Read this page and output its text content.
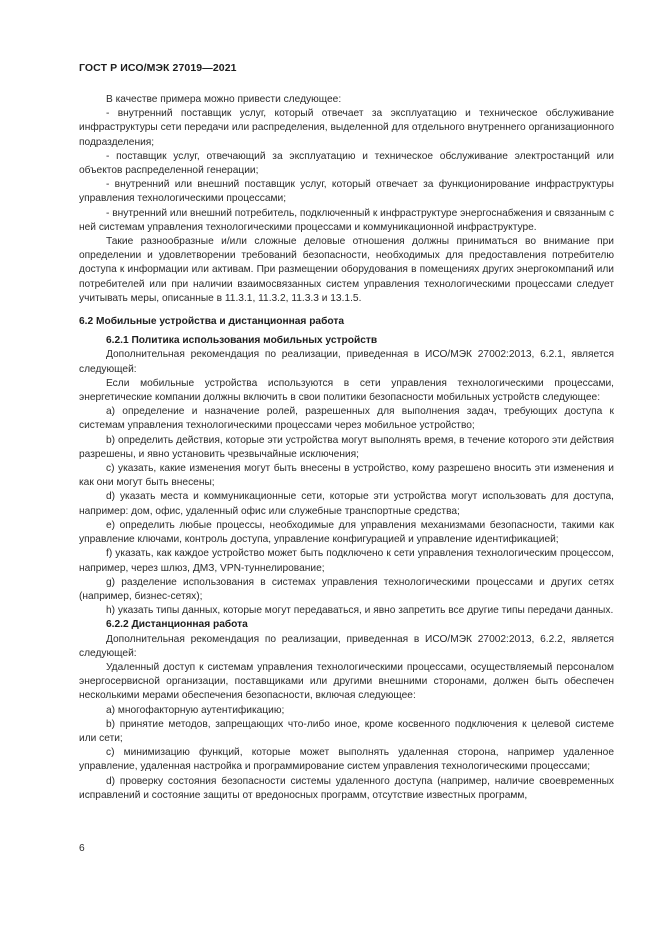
ГОСТ Р ИСО/МЭК 27019—2021

В качестве примера можно привести следующее:

- внутренний поставщик услуг, который отвечает за эксплуатацию и техническое обслуживание инфраструктуры сети передачи или распределения, выделенной для отдельного внутреннего организационного подразделения;

- поставщик услуг, отвечающий за эксплуатацию и техническое обслуживание электростанций или объектов распределенной генерации;

- внутренний или внешний поставщик услуг, который отвечает за функционирование инфраструктуры управления технологическими процессами;

- внутренний или внешний потребитель, подключенный к инфраструктуре энергоснабжения и связанным с ней системам управления технологическими процессами и коммуникационной инфраструктуре.

Такие разнообразные и/или сложные деловые отношения должны приниматься во внимание при определении и удовлетворении требований безопасности, необходимых для предоставления потребителю доступа к информации или активам. При размещении оборудования в помещениях других энергокомпаний или потребителей или при наличии взаимосвязанных систем управления технологическими процессами следует учитывать меры, описанные в 11.3.1, 11.3.2, 11.3.3 и 13.1.5.

6.2 Мобильные устройства и дистанционная работа
6.2.1 Политика использования мобильных устройств

Дополнительная рекомендация по реализации, приведенная в ИСО/МЭК 27002:2013, 6.2.1, является следующей:

Если мобильные устройства используются в сети управления технологическими процессами, энергетические компании должны включить в свои политики безопасности мобильных устройств следующее:

a) определение и назначение ролей, разрешенных для выполнения задач, требующих доступа к системам управления технологическими процессами через мобильное устройство;

b) определить действия, которые эти устройства могут выполнять время, в течение которого эти действия разрешены, и явно установить чрезвычайные исключения;

c) указать, какие изменения могут быть внесены в устройство, кому разрешено вносить эти изменения и как они могут быть внесены;

d) указать места и коммуникационные сети, которые эти устройства могут использовать для доступа, например: дом, офис, удаленный офис или служебные транспортные средства;

e) определить любые процессы, необходимые для управления механизмами безопасности, такими как управление ключами, контроль доступа, управление конфигурацией и управление идентификацией;

f) указать, как каждое устройство может быть подключено к сети управления технологическим процессом, например, через шлюз, ДМЗ, VPN-туннелирование;

g) разделение использования в системах управления технологическими процессами и других сетях (например, бизнес-сетях);

h) указать типы данных, которые могут передаваться, и явно запретить все другие типы передачи данных.

6.2.2 Дистанционная работа

Дополнительная рекомендация по реализации, приведенная в ИСО/МЭК 27002:2013, 6.2.2, является следующей:

Удаленный доступ к системам управления технологическими процессами, осуществляемый персоналом энергосервисной организации, поставщиками или другими внешними сторонами, должен быть обеспечен несколькими мерами обеспечения безопасности, включая следующее:

a) многофакторную аутентификацию;

b) принятие методов, запрещающих что-либо иное, кроме косвенного подключения к целевой системе или сети;

c) минимизацию функций, которые может выполнять удаленная сторона, например удаленное управление, удаленная настройка и программирование систем управления технологическими процессами;

d) проверку состояния безопасности системы удаленного доступа (например, наличие своевременных исправлений и состояние защиты от вредоносных программ, отсутствие известных программ,

6
